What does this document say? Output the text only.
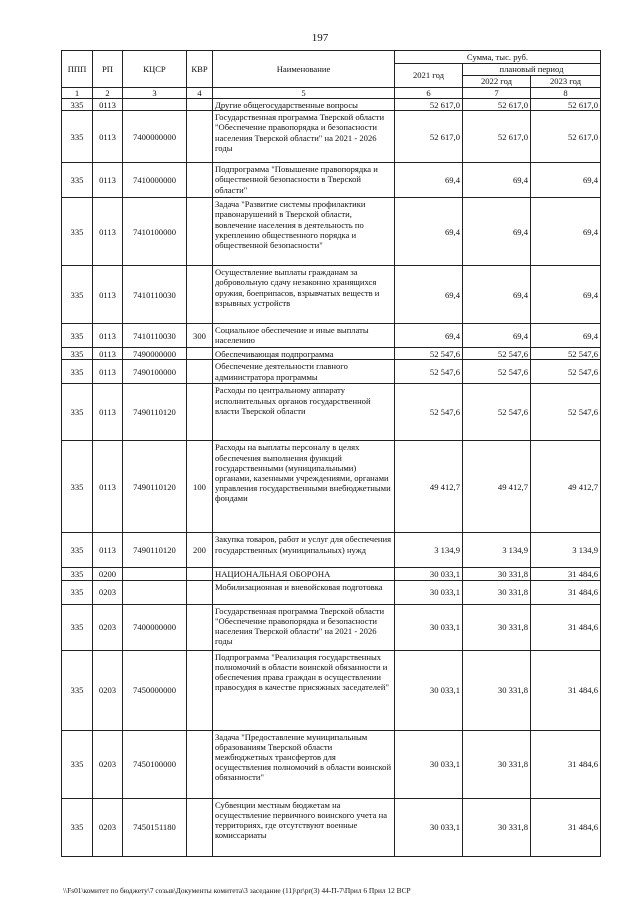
197
ППП	РП	КЦСР	КВР	Наименование	Сумма, тыс. руб.		
					2021 год	плановый период	
						2022 год	2023 год
1	2	3	4	5	6	7	8
335	0113			Другие общегосударственные вопросы	52 617,0	52 617,0	52 617,0
335	0113	7400000000		Государственная программа Тверской области "Обеспечение правопорядка и безопасности населения Тверской области" на 2021 - 2026 годы	52 617,0	52 617,0	52 617,0
335	0113	7410000000		Подпрограмма "Повышение правопорядка и общественной безопасности в Тверской области"	69,4	69,4	69,4
335	0113	7410100000		Задача "Развитие системы профилактики правонарушений в Тверской области, вовлечение населения в деятельность по укреплению общественного порядка и общественной безопасности"	69,4	69,4	69,4
335	0113	7410110030		Осуществление выплаты гражданам за добровольную сдачу незаконно хранящихся оружия, боеприпасов, взрывчатых веществ и взрывных устройств	69,4	69,4	69,4
335	0113	7410110030	300	Социальное обеспечение и иные выплаты населению	69,4	69,4	69,4
335	0113	7490000000		Обеспечивающая подпрограмма	52 547,6	52 547,6	52 547,6
335	0113	7490100000		Обеспечение деятельности главного администратора программы	52 547,6	52 547,6	52 547,6
335	0113	7490110120		Расходы по центральному аппарату исполнительных органов государственной власти Тверской области	52 547,6	52 547,6	52 547,6
335	0113	7490110120	100	Расходы на выплаты персоналу в целях обеспечения выполнения функций государственными (муниципальными) органами, казенными учреждениями, органами управления государственными внебюджетными фондами	49 412,7	49 412,7	49 412,7
335	0113	7490110120	200	Закупка товаров, работ и услуг для обеспечения государственных (муниципальных) нужд	3 134,9	3 134,9	3 134,9
335	0200			НАЦИОНАЛЬНАЯ ОБОРОНА	30 033,1	30 331,8	31 484,6
335	0203			Мобилизационная и вневойсковая подготовка	30 033,1	30 331,8	31 484,6
335	0203	7400000000		Государственная программа Тверской области "Обеспечение правопорядка и безопасности населения Тверской области" на 2021 - 2026 годы	30 033,1	30 331,8	31 484,6
335	0203	7450000000		Подпрограмма "Реализация государственных полномочий в области воинской обязанности и обеспечения права граждан в осуществлении правосудия в качестве присяжных заседателей"	30 033,1	30 331,8	31 484,6
335	0203	7450100000		Задача "Предоставление муниципальным образованиям Тверской области межбюджетных трансфертов для осуществления полномочий в области воинской обязанности"	30 033,1	30 331,8	31 484,6
335	0203	7450151180		Субвенции местным бюджетам на осуществление первичного воинского учета на территориях, где отсутствуют военные комиссариаты	30 033,1	30 331,8	31 484,6
\\Fs01\комитет по бюджету\7 созыв\Документы комитета\3 заседание (11)\pr\pr(3) 44-П-7\Прил 6 Прил 12 ВСР
